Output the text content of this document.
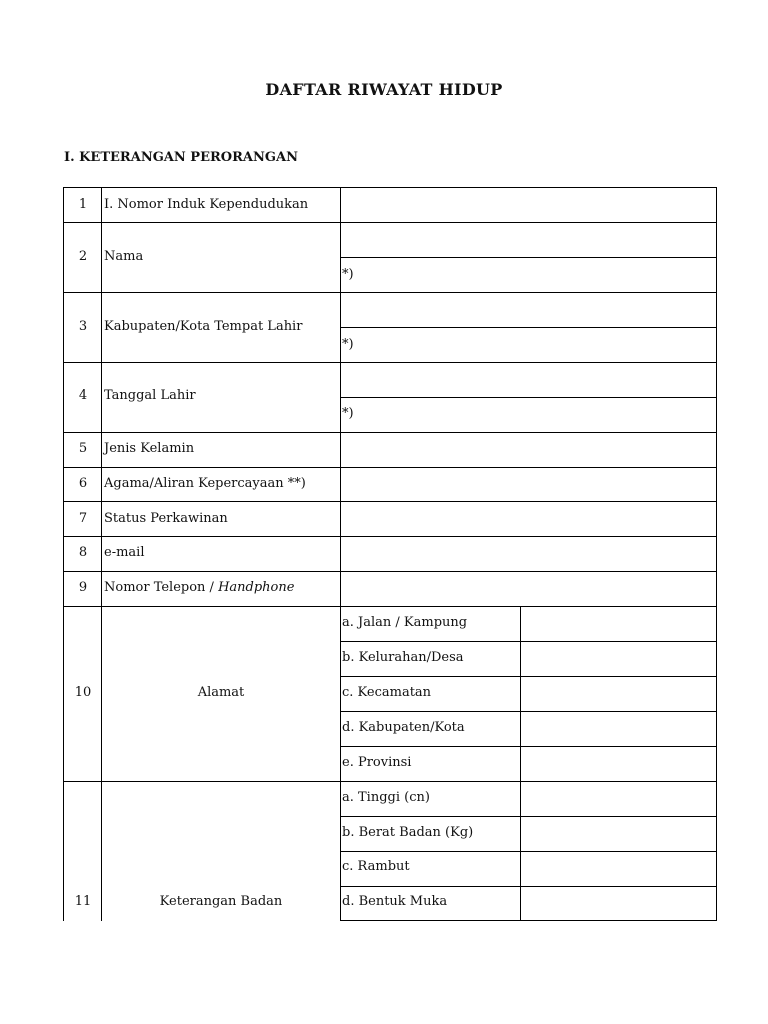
DAFTAR RIWAYAT HIDUP
I. KETERANGAN PERORANGAN
1
2
3
4
5
6
7
8
9
10
11
I. Nomor Induk Kependudukan
Nama
Kabupaten/Kota Tempat Lahir
Tanggal Lahir
Jenis Kelamin
Agama/Aliran Kepercayaan **)
Status Perkawinan
e-mail
Nomor Telepon / Handphone
Alamat
Keterangan Badan
*)
*)
*)
a. Jalan / Kampung
b. Kelurahan/Desa
c. Kecamatan
d. Kabupaten/Kota
e. Provinsi
a. Tinggi (cn)
b. Berat Badan (Kg)
c. Rambut
d. Bentuk Muka
